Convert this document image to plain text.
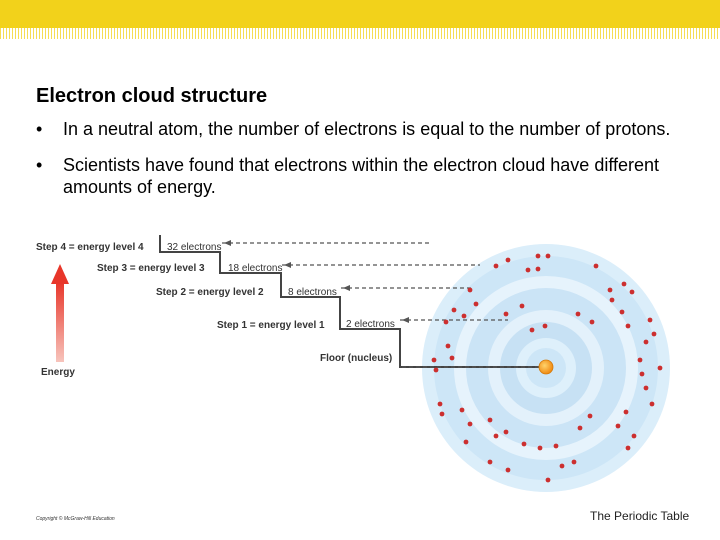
Electron cloud structure
• In a neutral atom, the number of electrons is equal to the number of protons.
• Scientists have found that electrons within the electron cloud have different amounts of energy.
Step 4 = energy level 4
Step 3 = energy level 3
Step 2 = energy level 2
Step 1 = energy level 1
32 electrons
18 electrons
8 electrons
2 electrons
Floor (nucleus)
Energy
Copyright © McGraw-Hill Education	The Periodic Table
